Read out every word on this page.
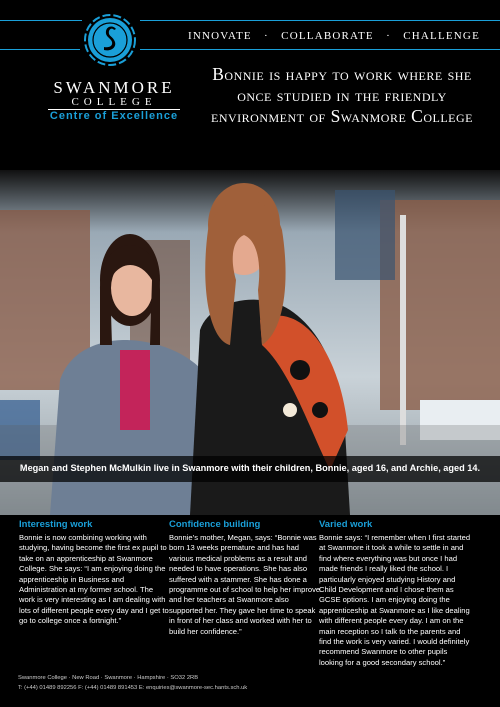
SWANMORE
COLLEGE
Centre of Excellence
INNOVATE · COLLABORATE · CHALLENGE
Bonnie is happy to work where she once studied in the friendly environment of Swanmore College
Megan and Stephen McMulkin live in Swanmore with their children, Bonnie, aged 16, and Archie, aged 14.
Interesting work

Bonnie is now combining working with studying, having become the first ex pupil to take on an apprenticeship at Swanmore College. She says: “I am enjoying doing the apprenticeship in Business and Administration at my former school. The work is very interesting as I am dealing with lots of different people every day and I get to go to college once a fortnight.”

Confidence building

Bonnie’s mother, Megan, says: “Bonnie was born 13 weeks premature and has had various medical problems as a result and needed to have operations. She has also suffered with a stammer. She has done a programme out of school to help her improve and her teachers at Swanmore also supported her. They gave her time to speak in front of her class and worked with her to build her confidence.”

Varied work

Bonnie says: “I remember when I first started at Swanmore it took a while to settle in and find where everything was but once I had made friends I really liked the school. I particularly enjoyed studying History and Child Development and I chose them as GCSE options. I am enjoying doing the apprenticeship at Swanmore as I like dealing with different people every day. I am on the main reception so I talk to the parents and find the work is very varied. I would definitely recommend Swanmore to other pupils looking for a good secondary school.”

Swanmore College · New Road · Swanmore · Hampshire · SO32 2RB
T: (+44) 01489 892256 F: (+44) 01489 891453 E: enquiries@swanmore-sec.hants.sch.uk
